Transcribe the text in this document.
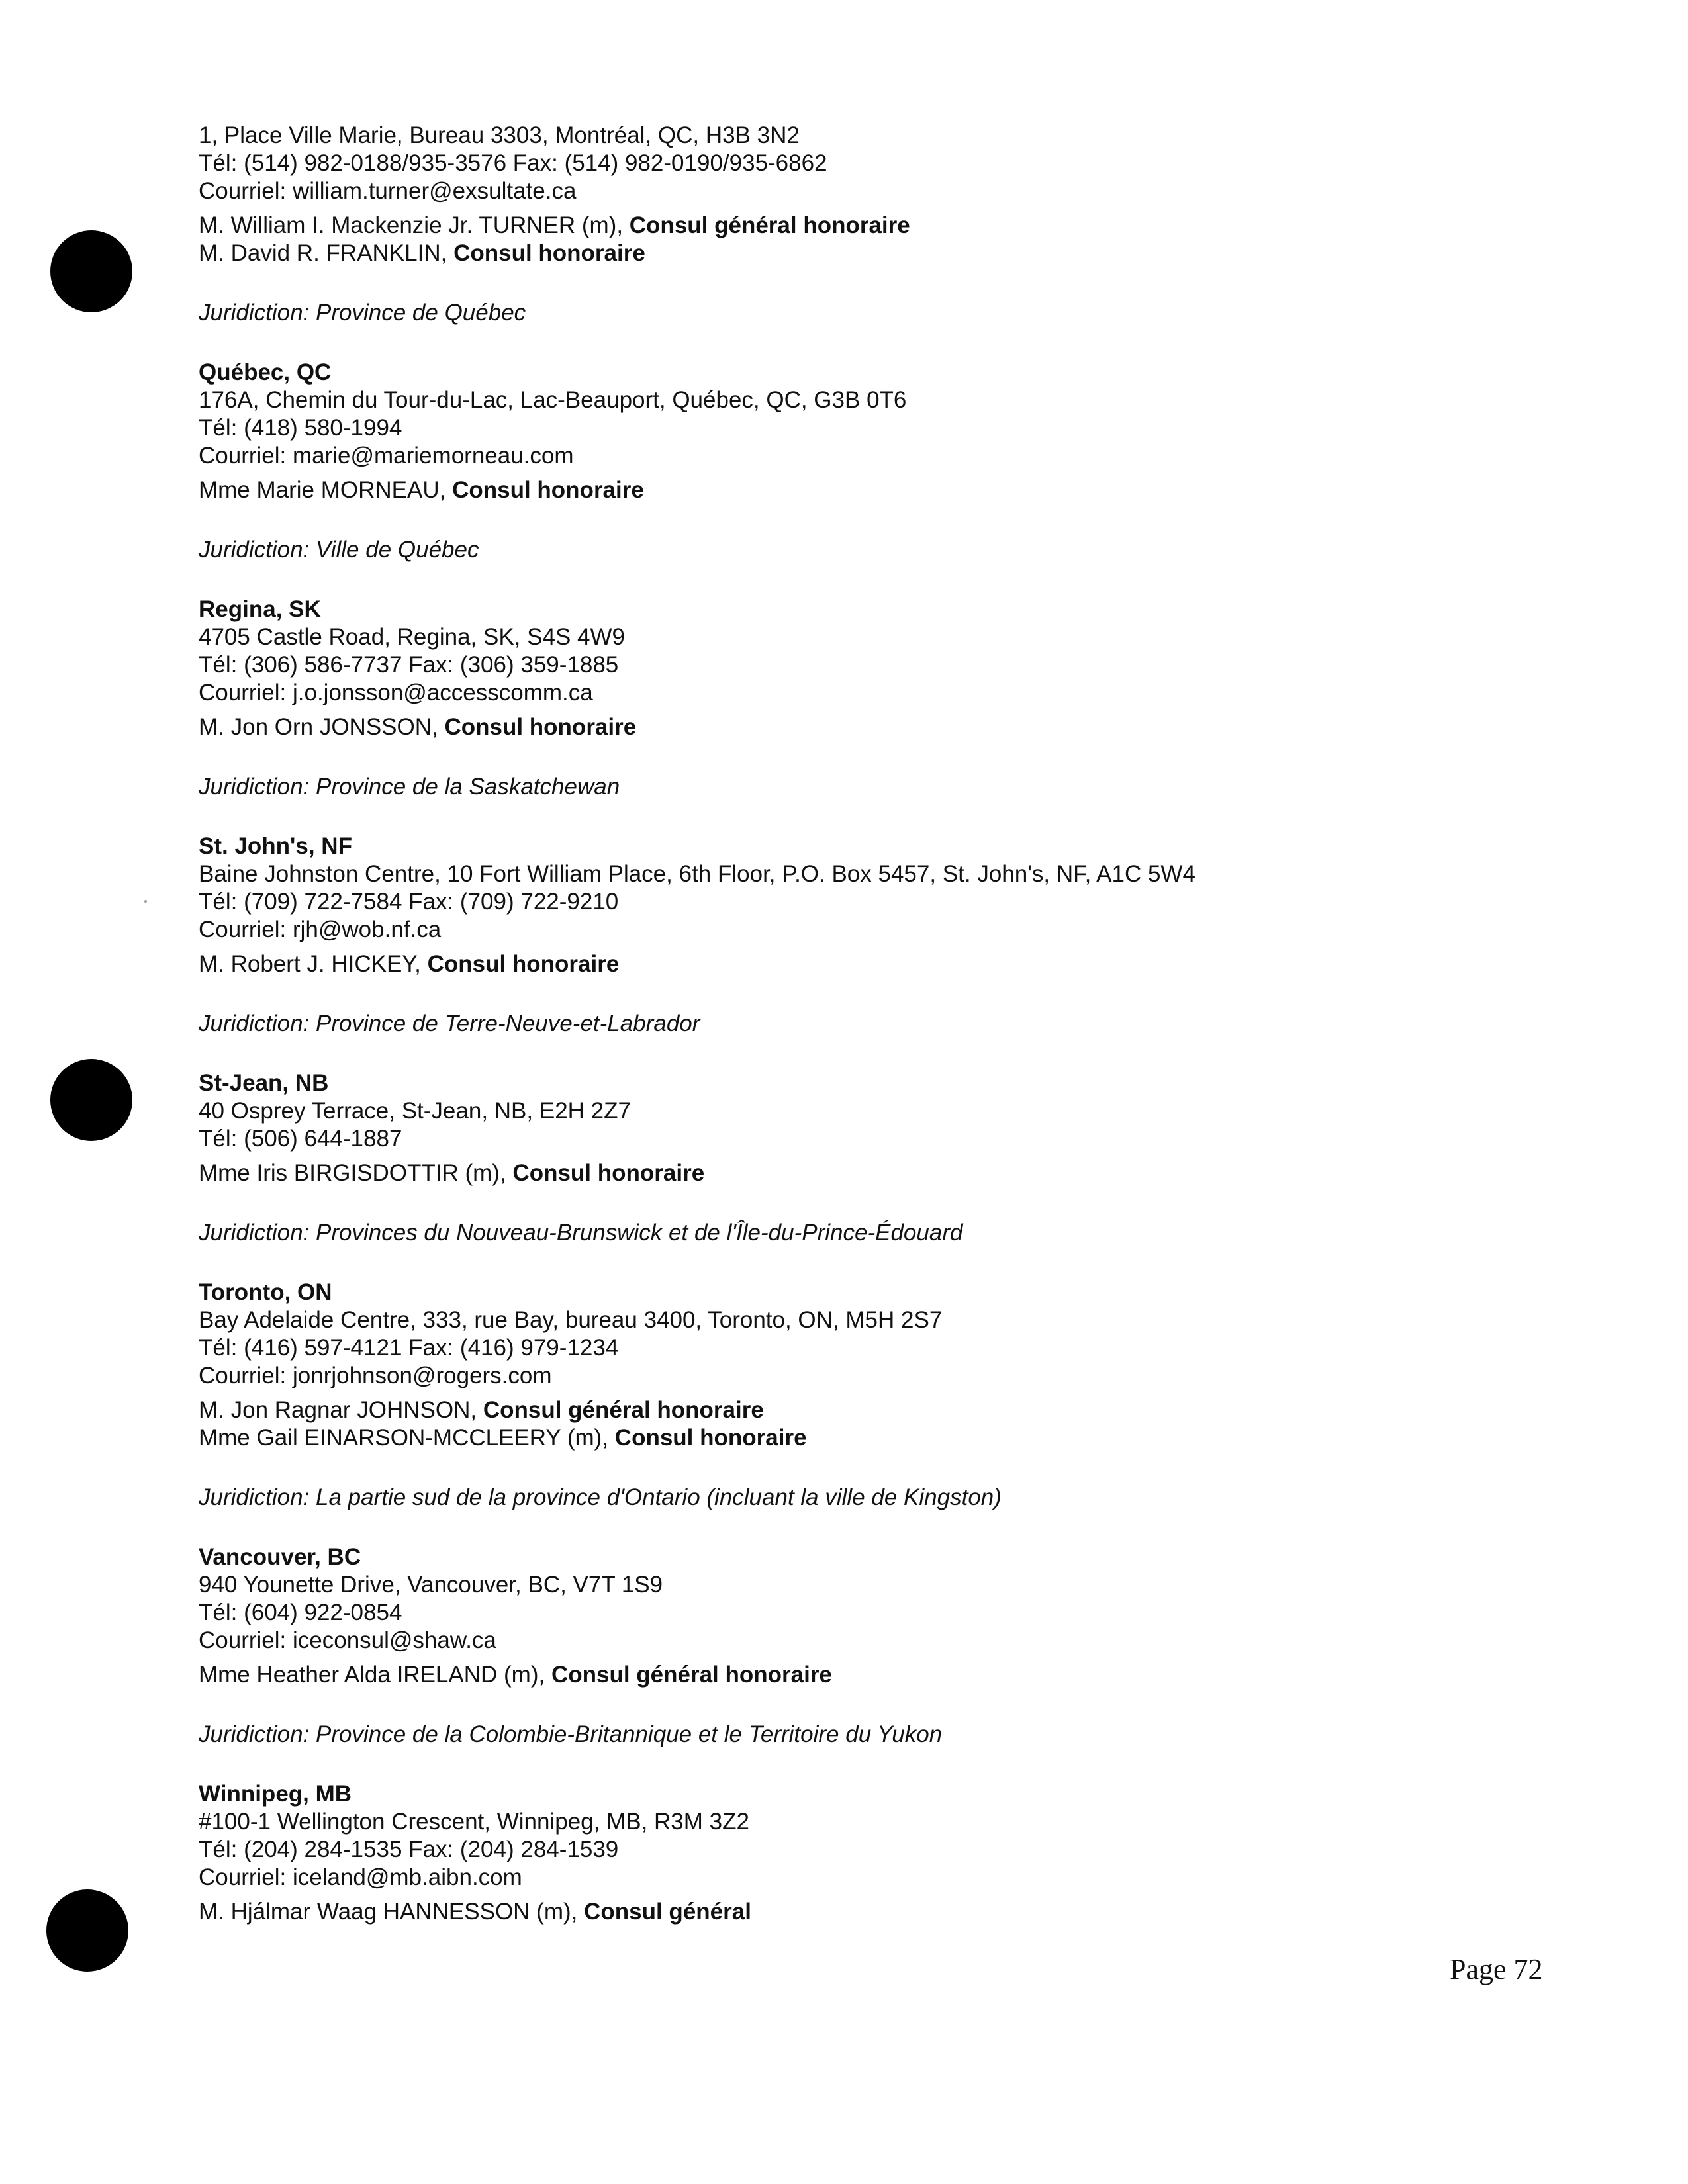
1, Place Ville Marie, Bureau 3303, Montréal, QC, H3B 3N2
Tél: (514) 982-0188/935-3576 Fax: (514) 982-0190/935-6862
Courriel: william.turner@exsultate.ca
M. William I. Mackenzie Jr. TURNER (m), Consul général honoraire
M. David R. FRANKLIN, Consul honoraire
Juridiction: Province de Québec
Québec, QC
176A, Chemin du Tour-du-Lac, Lac-Beauport, Québec, QC, G3B 0T6
Tél: (418) 580-1994
Courriel: marie@mariemorneau.com
Mme Marie MORNEAU, Consul honoraire
Juridiction: Ville de Québec
Regina, SK
4705 Castle Road, Regina, SK, S4S 4W9
Tél: (306) 586-7737 Fax: (306) 359-1885
Courriel: j.o.jonsson@accesscomm.ca
M. Jon Orn JONSSON, Consul honoraire
Juridiction: Province de la Saskatchewan
St. John's, NF
Baine Johnston Centre, 10 Fort William Place, 6th Floor, P.O. Box 5457, St. John's, NF, A1C 5W4
Tél: (709) 722-7584 Fax: (709) 722-9210
Courriel: rjh@wob.nf.ca
M. Robert J. HICKEY, Consul honoraire
Juridiction: Province de Terre-Neuve-et-Labrador
St-Jean, NB
40 Osprey Terrace, St-Jean, NB, E2H 2Z7
Tél: (506) 644-1887
Mme Iris BIRGISDOTTIR (m), Consul honoraire
Juridiction: Provinces du Nouveau-Brunswick et de l'Île-du-Prince-Édouard
Toronto, ON
Bay Adelaide Centre, 333, rue Bay, bureau 3400, Toronto, ON, M5H 2S7
Tél: (416) 597-4121 Fax: (416) 979-1234
Courriel: jonrjohnson@rogers.com
M. Jon Ragnar JOHNSON, Consul général honoraire
Mme Gail EINARSON-MCCLEERY (m), Consul honoraire
Juridiction: La partie sud de la province d'Ontario (incluant la ville de Kingston)
Vancouver, BC
940 Younette Drive, Vancouver, BC, V7T 1S9
Tél: (604) 922-0854
Courriel: iceconsul@shaw.ca
Mme Heather Alda IRELAND (m), Consul général honoraire
Juridiction: Province de la Colombie-Britannique et le Territoire du Yukon
Winnipeg, MB
#100-1 Wellington Crescent, Winnipeg, MB, R3M 3Z2
Tél: (204) 284-1535 Fax: (204) 284-1539
Courriel: iceland@mb.aibn.com
M. Hjálmar Waag HANNESSON (m), Consul général
Page 72
